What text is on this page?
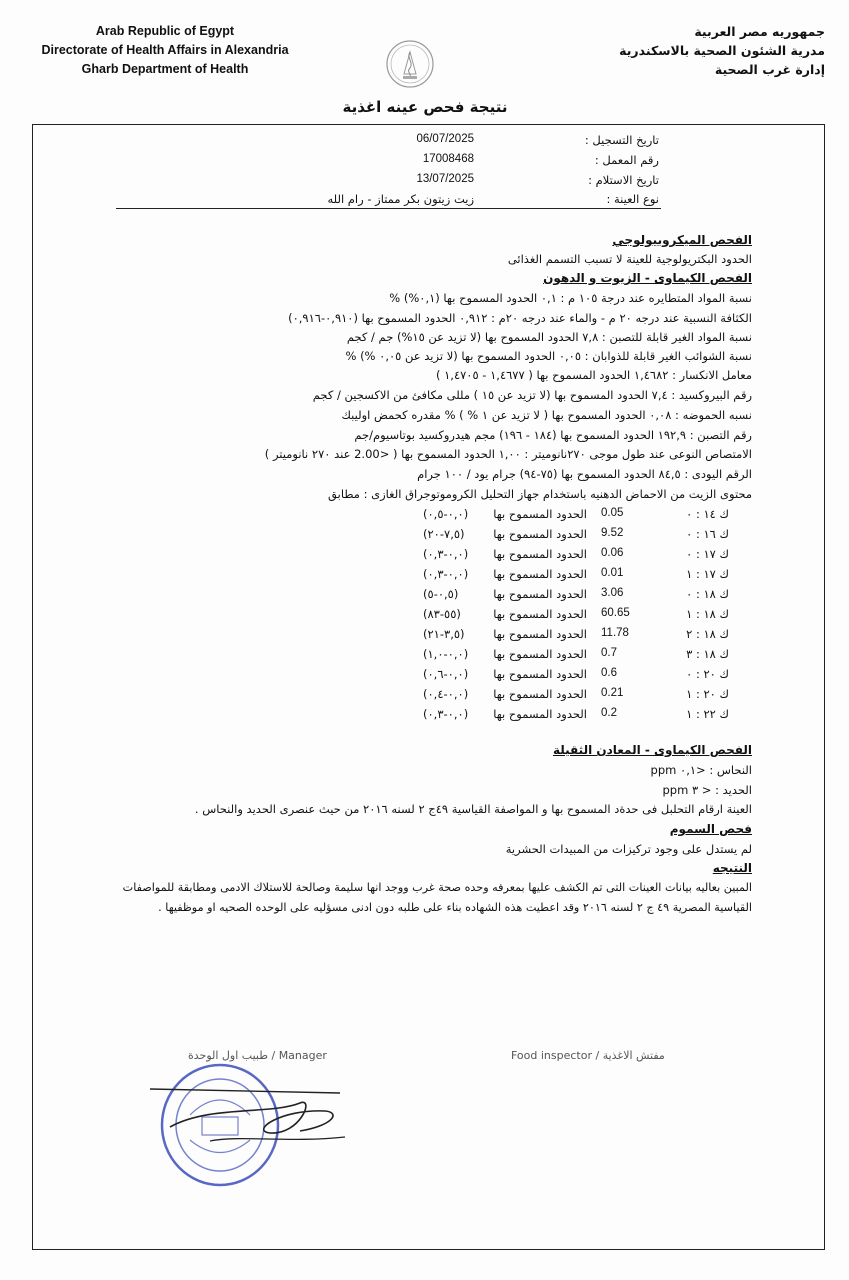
Arab Republic of Egypt
Directorate of Health Affairs in Alexandria
Gharb Department of Health
جمهوريه مصر العربية
مدرية الشئون الصحية بالاسكندرية
إدارة غرب الصحية
نتيجة فحص عينه اغذية
تاريخ التسجيل :
06/07/2025
رقم المعمل :
17008468
تاريخ الاستلام :
13/07/2025
نوع العينة :
زيت زيتون بكر ممتاز - رام الله
الفحص الميكروبيولوجي
الحدود البكتريولوجية للعينة لا تسبب التسمم الغذائى
الفحص الكيماوى - الزيوت و الدهون
نسبة المواد المتطايره عند درجة ١٠٥ م : ٠,١ الحدود المسموح بها (٠,١%) %
الكثافة النسبية عند درجه ٢٠ م - والماء عند درجه ٢٠م : ٠,٩١٢ الحدود المسموح بها (٠,٩١٠-٠,٩١٦)
نسبة المواد الغير قابلة للتصبن : ٧,٨ الحدود المسموح بها (لا تزيد عن ١٥%) جم / كجم
نسبة الشوائب الغير قابلة للذوابان : ٠,٠٥ الحدود المسموح بها (لا تزيد عن ٠,٠٥ %) %
معامل الانكسار : ١,٤٦٨٢ الحدود المسموح بها ( ١,٤٦٧٧ - ١,٤٧٠٥ )
رقم البيروكسيد : ٧,٤ الحدود المسموح بها (لا تزيد عن ١٥ ) مللى مكافئ من الاكسجين / كجم
نسبه الحموضه : ٠,٠٨ الحدود المسموح بها ( لا تزيد عن ١ % ) % مقدره كحمض اوليبك
رقم التصبن : ١٩٢,٩ الحدود المسموح بها (١٨٤ - ١٩٦) مجم هيدروكسيد بوتاسيوم/جم
الامتصاص النوعى عند طول موجى ٢٧٠نانوميتر : ١,٠٠ الحدود المسموح بها ( <2.00 عند ٢٧٠ نانوميتر )
الرقم اليودى : ٨٤,٥ الحدود المسموح بها (٧٥-٩٤) جرام يود / ١٠٠ جرام
محتوى الزيت من الاحماض الدهنيه باستخدام جهاز التحليل الكروموتوجراق الغازى : مطابق
ك ١٤ : ٠
0.05
الحدود المسموح بها
(٠,٠-٠,٥)
ك ١٦ : ٠
9.52
الحدود المسموح بها
(٧,٥-٢٠)
ك ١٧ : ٠
0.06
الحدود المسموح بها
(٠,٠-٠,٣)
ك ١٧ : ١
0.01
الحدود المسموح بها
(٠,٠-٠,٣)
ك ١٨ : ٠
3.06
الحدود المسموح بها
(٠,٥-٥)
ك ١٨ : ١
60.65
الحدود المسموح بها
(٥٥-٨٣)
ك ١٨ : ٢
11.78
الحدود المسموح بها
(٣,٥-٢١)
ك ١٨ : ٣
0.7
الحدود المسموح بها
(٠,٠-١,٠)
ك ٢٠ : ٠
0.6
الحدود المسموح بها
(٠,٠-٠,٦)
ك ٢٠ : ١
0.21
الحدود المسموح بها
(٠,٠-٠,٤)
ك ٢٢ : ١
0.2
الحدود المسموح بها
(٠,٠-٠,٣)
الفحص الكيماوى - المعادن الثقيلة
النحاس : <٠,١ ppm
الحديد : < ٣ ppm
العينة ارقام التحلبل فى حدةد المسموح بها و المواصفة القياسية ٤٩ج ٢ لسنه ٢٠١٦ من حيث عنصرى الحديد والنحاس .
فحص السموم
لم يستدل على وجود تركيزات من المبيدات الحشرية
النتيجه
المبين بعاليه بيانات العينات التى تم الكشف عليها بمعرفه وحده صحة غرب ووجد انها سليمة وصالحة للاستلاك الادمى ومطابقة للمواصفات
القياسية المصرية ٤٩ ج ٢ لسنه ٢٠١٦ وقد اعطيت هذه الشهاده بناء على طلبه دون ادنى مسؤليه على الوحده الصحيه او موظفيها .
Manager / طبيب اول الوحدة	Food inspector / مفتش الاغذية
